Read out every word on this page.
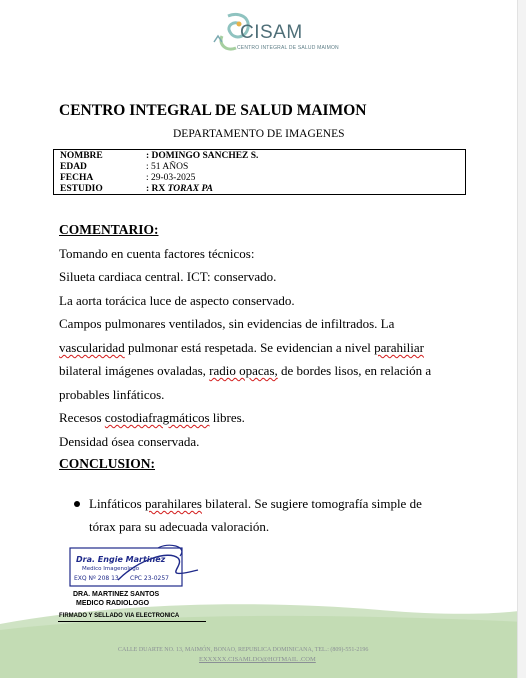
CISAM
CENTRO INTEGRAL DE SALUD MAIMON
CENTRO INTEGRAL DE SALUD MAIMON
DEPARTAMENTO DE IMAGENES
NOMBRE	: DOMINGO SANCHEZ S.
EDAD	: 51 AÑOS
FECHA	: 29-03-2025
ESTUDIO	: RX TORAX PA
COMENTARIO:
Tomando en cuenta factores técnicos:
Silueta cardiaca central. ICT: conservado.
La aorta torácica luce de aspecto conservado.
Campos pulmonares ventilados, sin evidencias de infiltrados. La
vascularidad pulmonar está respetada. Se evidencian a nivel parahiliar
bilateral imágenes ovaladas, radio opacas, de bordes lisos, en relación a
probables linfáticos.
Recesos costodiafragmáticos libres.
Densidad ósea conservada.
CONCLUSION:
Linfáticos parahilares bilateral. Se sugiere tomografía simple de
tórax para su adecuada valoración.
Dra. Engie Martinez
Medico Imagenologo
EXQ Nº 208 13 CPC 23-0257
DRA. MARTINEZ SANTOS
MEDICO RADIOLOGO
FIRMADO Y SELLADO VIA ELECTRONICA
CALLE DUARTE NO. 13, MAIMÓN, BONAO, REPUBLICA DOMINICANA, TEL.: (809)-551-2196
EXXXXX.CISAMLDO@HOTMAIL .COM
